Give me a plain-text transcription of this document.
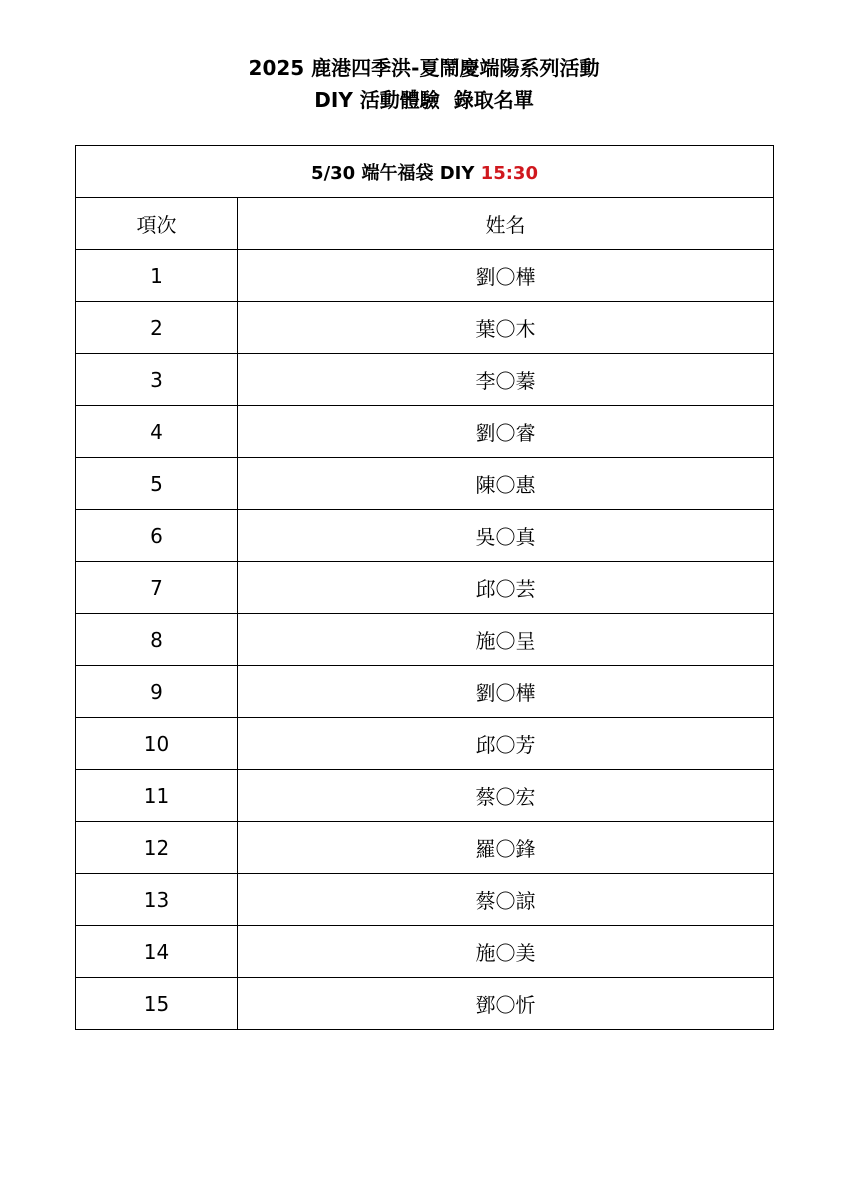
2025 鹿港四季洪-夏鬧慶端陽系列活動

DIY 活動體驗  錄取名單

5/30 端午福袋 DIY 15:30	
項次	姓名
1	劉〇樺
2	葉〇木
3	李〇蓁
4	劉〇睿
5	陳〇惠
6	吳〇真
7	邱〇芸
8	施〇呈
9	劉〇樺
10	邱〇芳
11	蔡〇宏
12	羅〇鋒
13	蔡〇諒
14	施〇美
15	鄧〇忻
